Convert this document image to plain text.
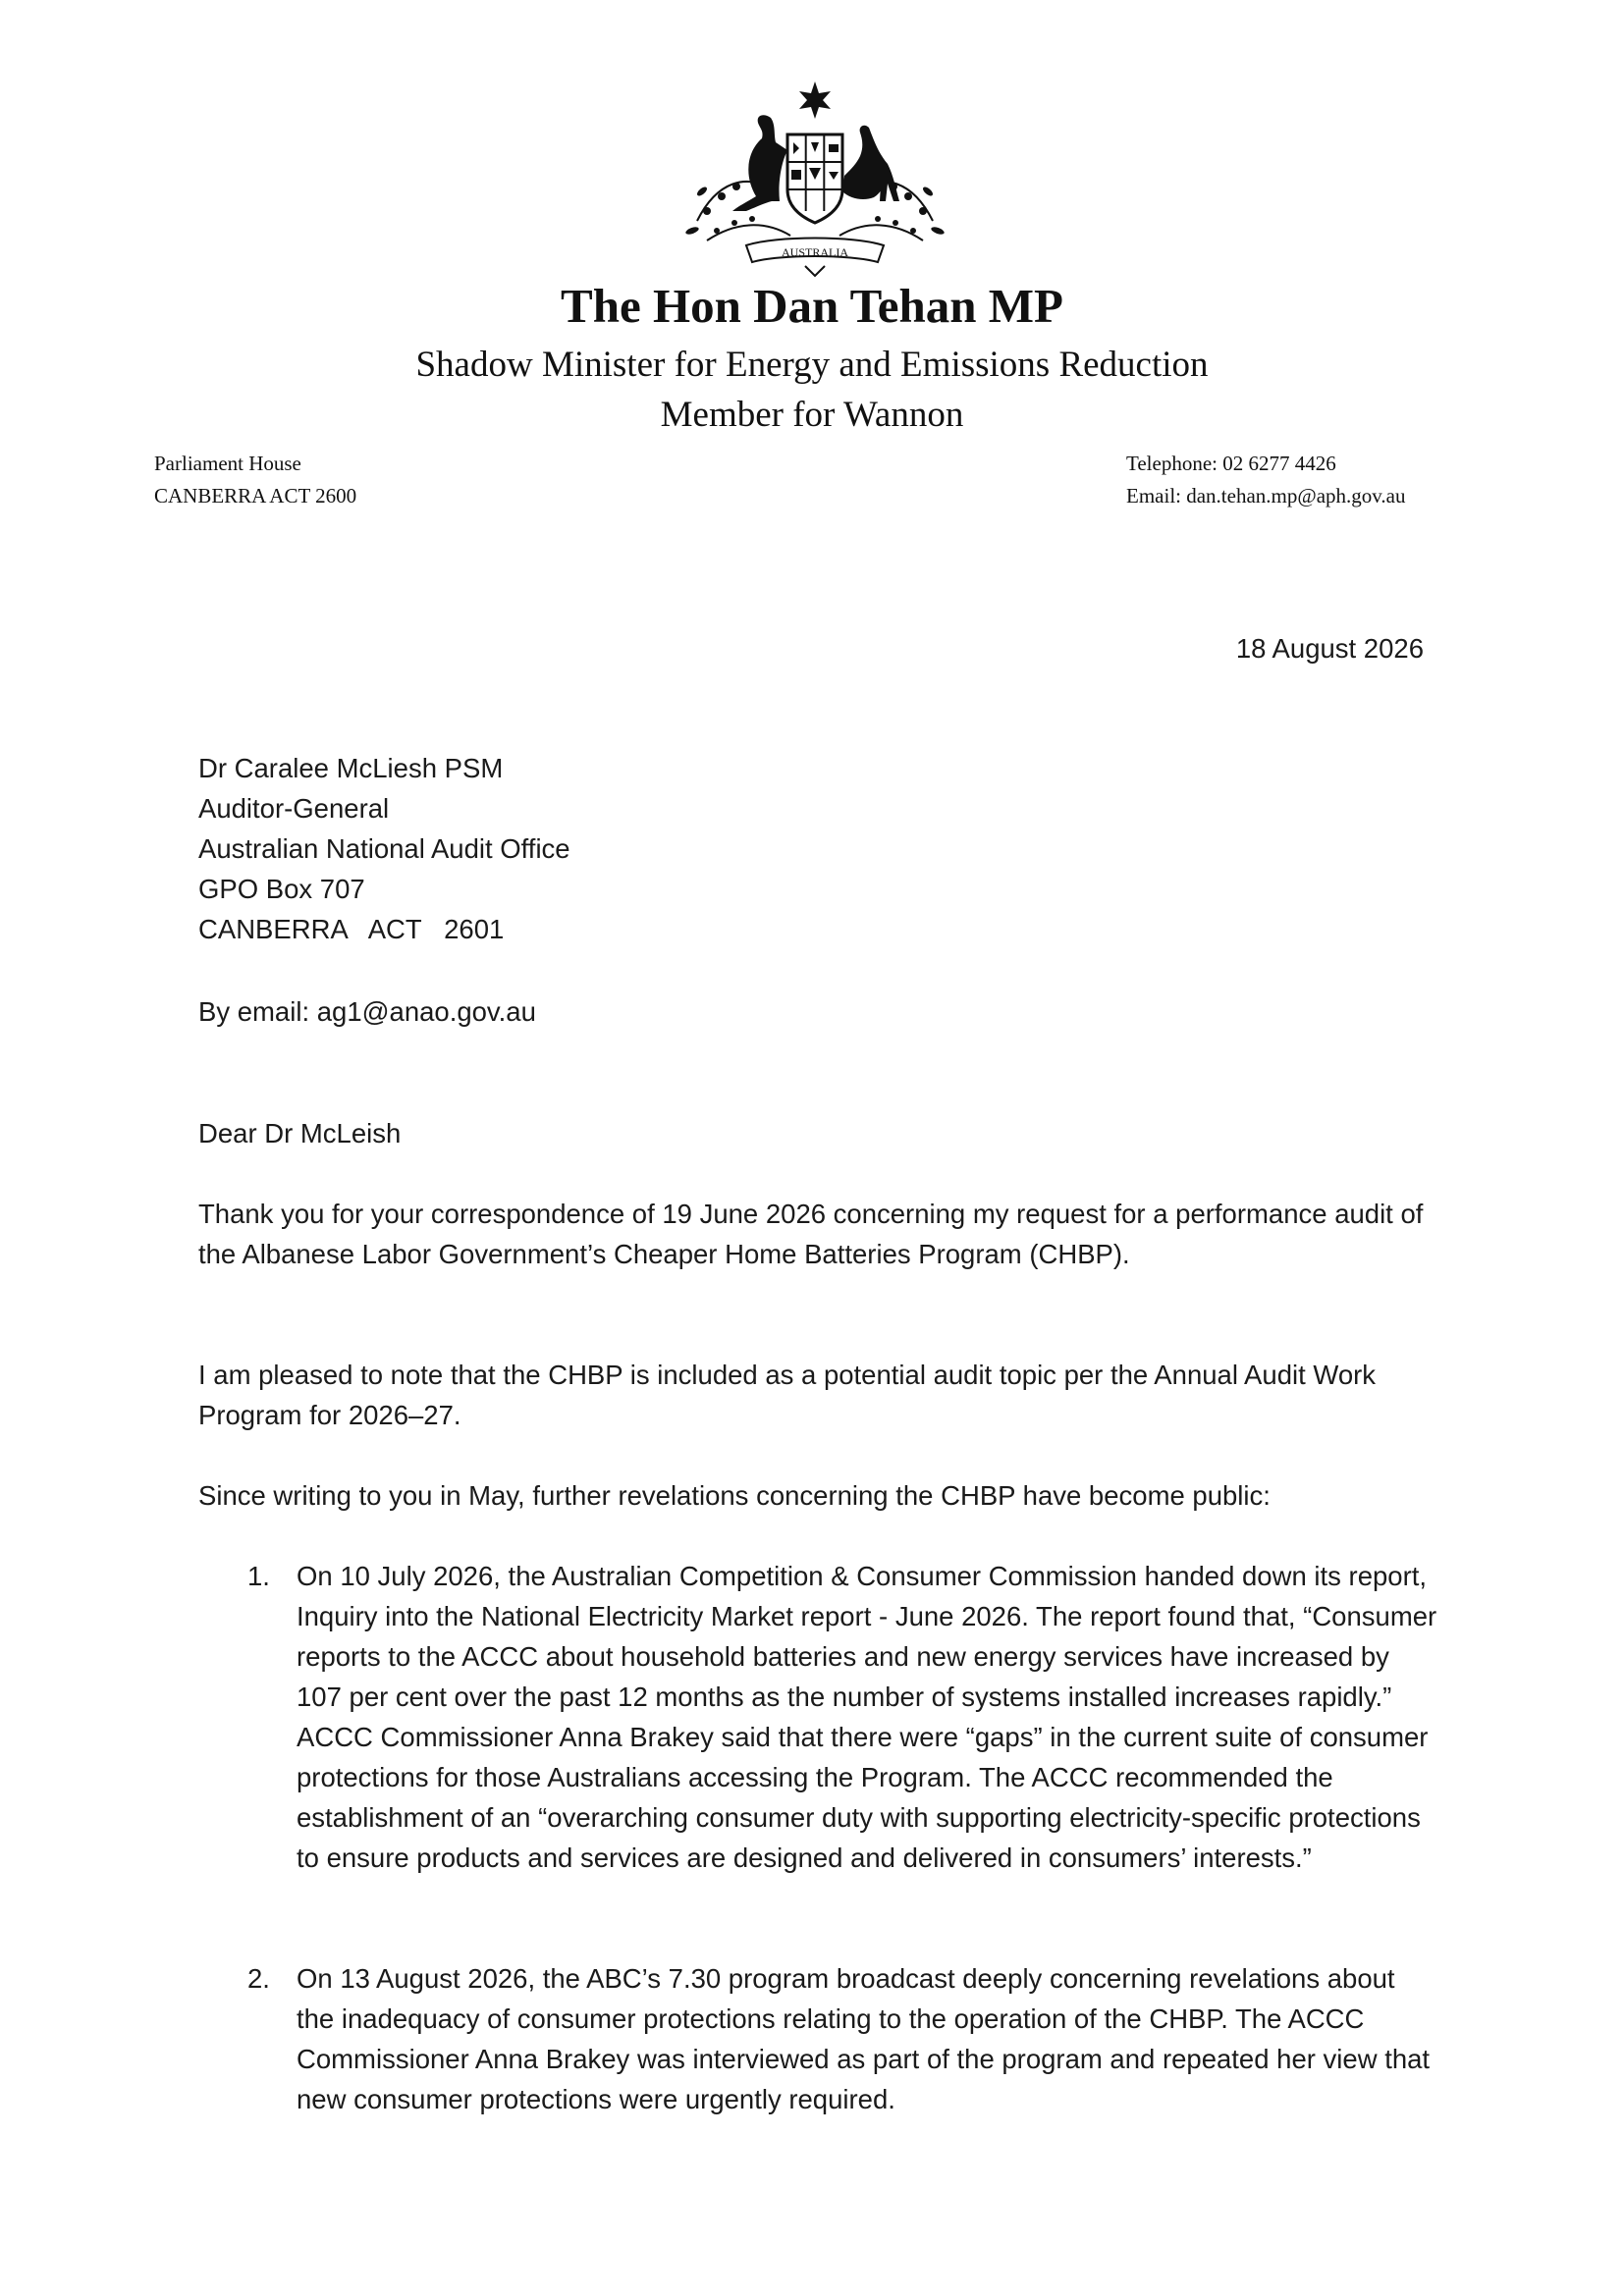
AUSTRALIA
The Hon Dan Tehan MP
Shadow Minister for Energy and Emissions Reduction
Member for Wannon
Parliament House
CANBERRA ACT 2600
Telephone: 02 6277 4426
Email: dan.tehan.mp@aph.gov.au
18 August 2026
Dr Caralee McLiesh PSM
Auditor-General
Australian National Audit Office
GPO Box 707
CANBERRA   ACT   2601
By email: ag1@anao.gov.au
Dear Dr McLeish

Thank you for your correspondence of 19 June 2026 concerning my request for a performance audit of the Albanese Labor Government’s Cheaper Home Batteries Program (CHBP).

I am pleased to note that the CHBP is included as a potential audit topic per the Annual Audit Work Program for 2026–27.

Since writing to you in May, further revelations concerning the CHBP have become public:

1. On 10 July 2026, the Australian Competition & Consumer Commission handed down its report, Inquiry into the National Electricity Market report - June 2026. The report found that, “Consumer reports to the ACCC about household batteries and new energy services have increased by 107 per cent over the past 12 months as the number of systems installed increases rapidly.” ACCC Commissioner Anna Brakey said that there were “gaps” in the current suite of consumer protections for those Australians accessing the Program. The ACCC recommended the establishment of an “overarching consumer duty with supporting electricity-specific protections to ensure products and services are designed and delivered in consumers’ interests.”
2. On 13 August 2026, the ABC’s 7.30 program broadcast deeply concerning revelations about the inadequacy of consumer protections relating to the operation of the CHBP. The ACCC Commissioner Anna Brakey was interviewed as part of the program and repeated her view that new consumer protections were urgently required.
